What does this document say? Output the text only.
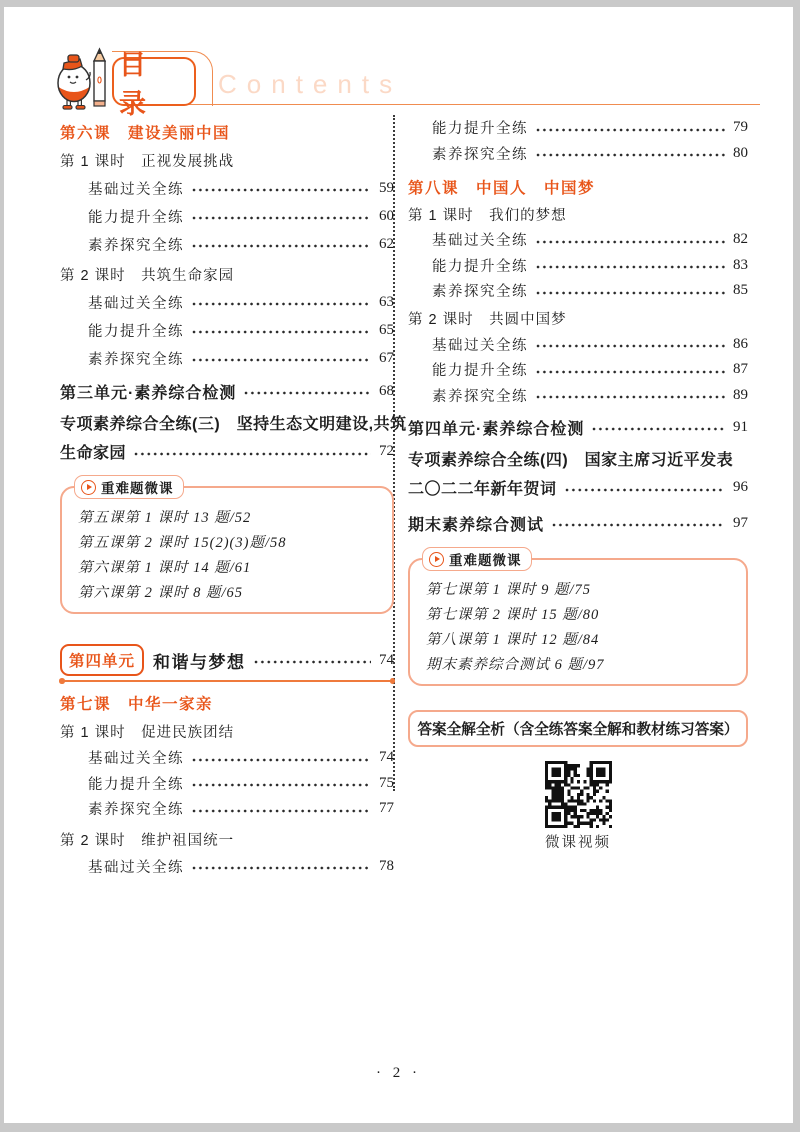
目 录
Contents
第六课　建设美丽中国
第 1 课时　正视发展挑战
基础过关全练	59
能力提升全练	60
素养探究全练	62
第 2 课时　共筑生命家园
基础过关全练	63
能力提升全练	65
素养探究全练	67
第三单元·素养综合检测	68
专项素养综合全练(三)　坚持生态文明建设,共筑
生命家园	72
重难题微课
第五课第 1 课时 13 题/52
第五课第 2 课时 15(2)(3)题/58
第六课第 1 课时 14 题/61
第六课第 2 课时 8 题/65
第四单元	和谐与梦想	74
第七课　中华一家亲
第 1 课时　促进民族团结
基础过关全练	74
能力提升全练	75
素养探究全练	77
第 2 课时　维护祖国统一
基础过关全练	78
能力提升全练	79
素养探究全练	80
第八课　中国人　中国梦
第 1 课时　我们的梦想
基础过关全练	82
能力提升全练	83
素养探究全练	85
第 2 课时　共圆中国梦
基础过关全练	86
能力提升全练	87
素养探究全练	89
第四单元·素养综合检测	91
专项素养综合全练(四)　国家主席习近平发表
二〇二二年新年贺词	96
期末素养综合测试	97
重难题微课
第七课第 1 课时 9 题/75
第七课第 2 课时 15 题/80
第八课第 1 课时 12 题/84
期末素养综合测试 6 题/97
答案全解全析（含全练答案全解和教材练习答案）
微课视频
· 2 ·
